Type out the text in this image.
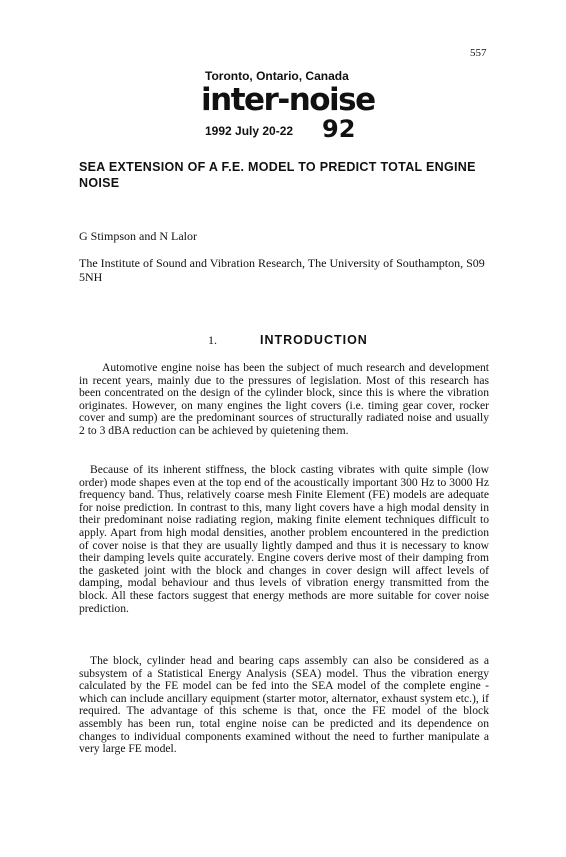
557
Toronto, Ontario, Canada
inter-noise
1992 July 20-22 92
SEA EXTENSION OF A F.E. MODEL TO PREDICT TOTAL ENGINE NOISE
G Stimpson and N Lalor
The Institute of Sound and Vibration Research, The University of Southampton, S09 5NH
1.	INTRODUCTION

Automotive engine noise has been the subject of much research and development in recent years, mainly due to the pressures of legislation. Most of this research has been concentrated on the design of the cylinder block, since this is where the vibration originates. However, on many engines the light covers (i.e. timing gear cover, rocker cover and sump) are the predominant sources of structurally radiated noise and usually 2 to 3 dBA reduction can be achieved by quietening them.

Because of its inherent stiffness, the block casting vibrates with quite simple (low order) mode shapes even at the top end of the acoustically important 300 Hz to 3000 Hz frequency band. Thus, relatively coarse mesh Finite Element (FE) models are adequate for noise prediction. In contrast to this, many light covers have a high modal density in their predominant noise radiating region, making finite element techniques difficult to apply. Apart from high modal densities, another problem encountered in the prediction of cover noise is that they are usually lightly damped and thus it is necessary to know their damping levels quite accurately. Engine covers derive most of their damping from the gasketed joint with the block and changes in cover design will affect levels of damping, modal behaviour and thus levels of vibration energy transmitted from the block. All these factors suggest that energy methods are more suitable for cover noise prediction.

The block, cylinder head and bearing caps assembly can also be considered as a subsystem of a Statistical Energy Analysis (SEA) model. Thus the vibration energy calculated by the FE model can be fed into the SEA model of the complete engine - which can include ancillary equipment (starter motor, alternator, exhaust system etc.), if required. The advantage of this scheme is that, once the FE model of the block assembly has been run, total engine noise can be predicted and its dependence on changes to individual components examined without the need to further manipulate a very large FE model.
